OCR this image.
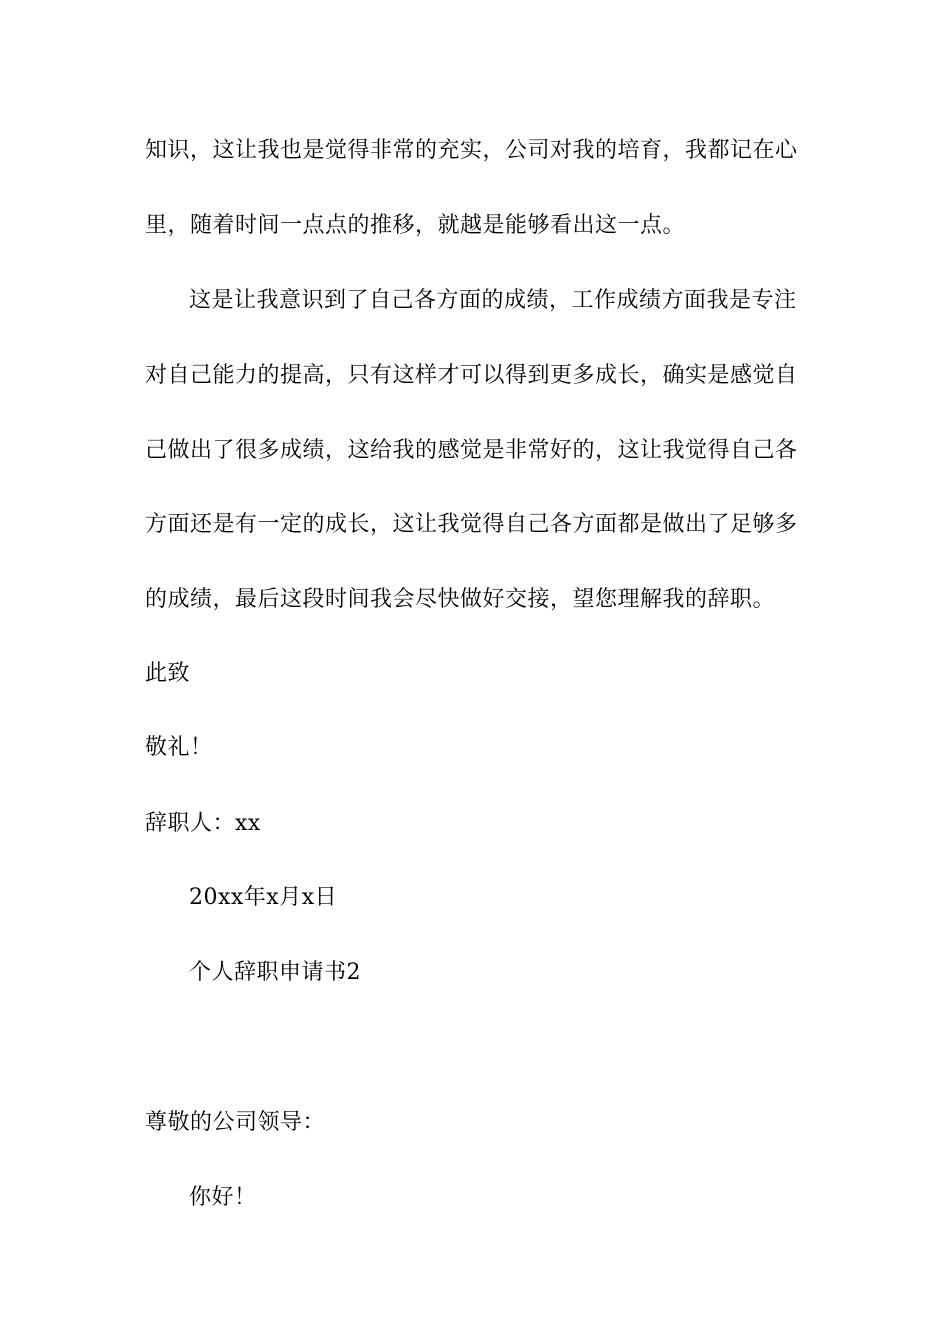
知识，这让我也是觉得非常的充实，公司对我的培育，我都记在心
里，随着时间一点点的推移，就越是能够看出这一点。
这是让我意识到了自己各方面的成绩，工作成绩方面我是专注
对自己能力的提高，只有这样才可以得到更多成长，确实是感觉自
己做出了很多成绩，这给我的感觉是非常好的，这让我觉得自己各
方面还是有一定的成长，这让我觉得自己各方面都是做出了足够多
的成绩，最后这段时间我会尽快做好交接，望您理解我的辞职。
此致
敬礼！
辞职人：xx
20xx年x月x日
个人辞职申请书2
尊敬的公司领导：
你好！
